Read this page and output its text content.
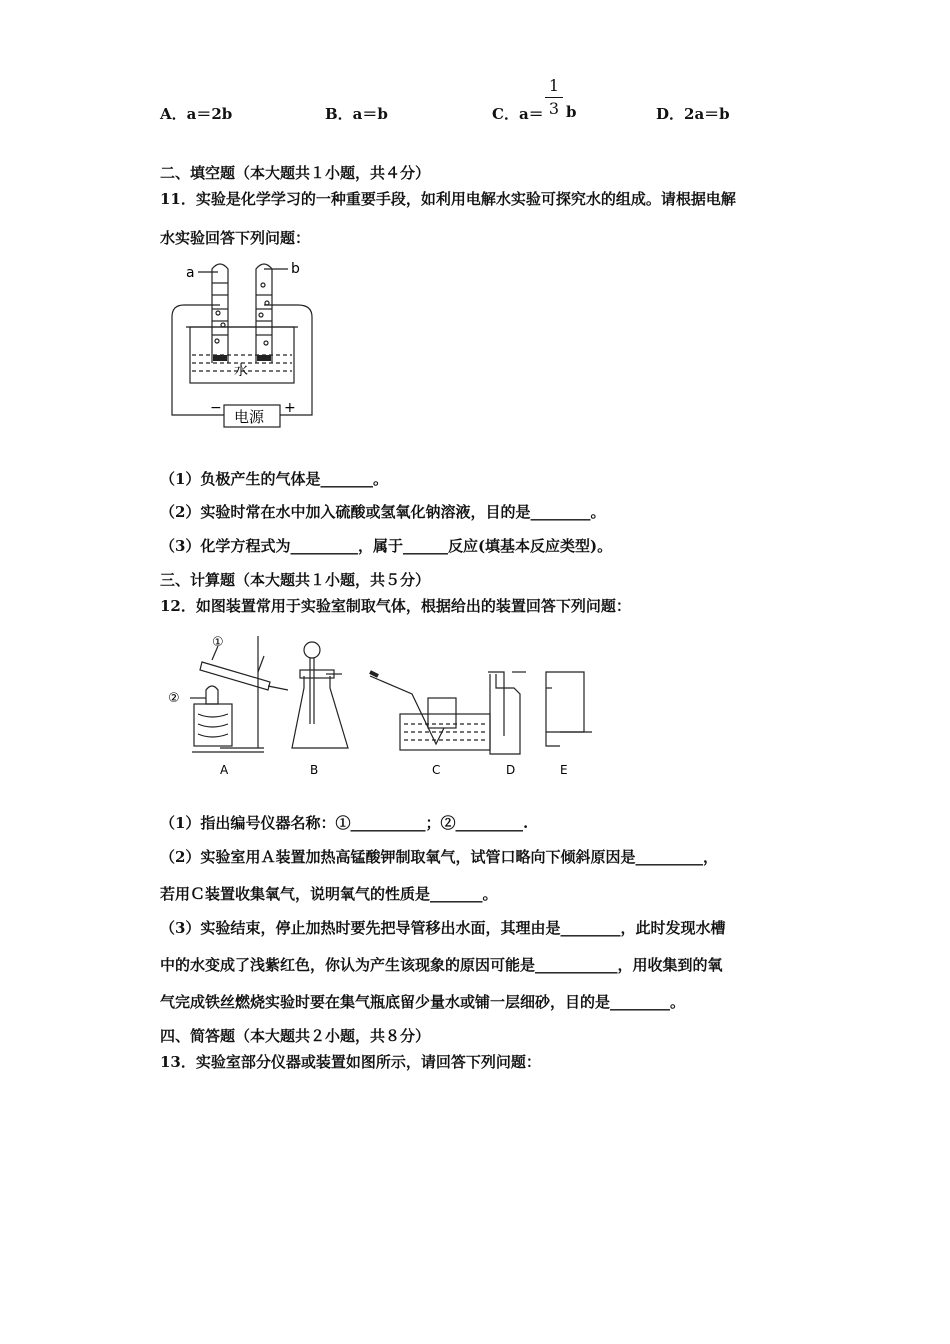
A．a＝2b	B．a＝b	C．a＝
1
3 b	D．2a＝b
二、填空题（本大题共１小题，共４分）
11．实验是化学学习的一种重要手段，如利用电解水实验可探究水的组成。请根据电解
水实验回答下列问题：
a	b
水
−	+
电源
（1）负极产生的气体是_______。
（2）实验时常在水中加入硫酸或氢氧化钠溶液，目的是________。
（3）化学方程式为_________，属于______反应(填基本反应类型)。
三、计算题（本大题共１小题，共５分）
12．如图装置常用于实验室制取气体，根据给出的装置回答下列问题：
①
②
A	B	C	D	E
（1）指出编号仪器名称：①__________；②_________.
（2）实验室用Ａ装置加热高锰酸钾制取氧气，试管口略向下倾斜原因是_________，
若用Ｃ装置收集氧气，说明氧气的性质是_______。
（3）实验结束，停止加热时要先把导管移出水面，其理由是________，此时发现水槽
中的水变成了浅紫红色，你认为产生该现象的原因可能是___________，用收集到的氧
气完成铁丝燃烧实验时要在集气瓶底留少量水或铺一层细砂，目的是________。
四、简答题（本大题共２小题，共８分）
13．实验室部分仪器或装置如图所示，请回答下列问题：
